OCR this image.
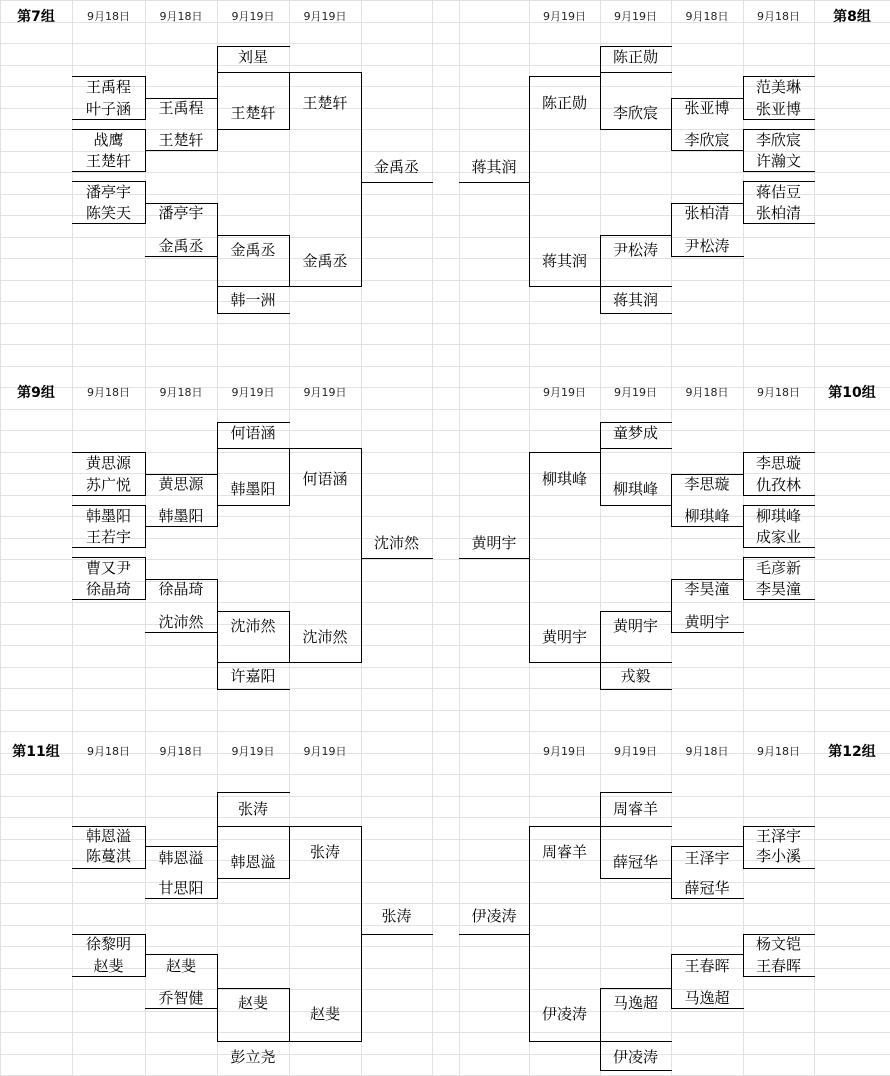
第7组	第8组
9月18日	9月18日	9月19日	9月19日	9月19日	9月19日	9月18日	9月18日
第9组	第10组
9月18日	9月18日	9月19日	9月19日	9月19日	9月19日	9月18日	9月18日
第11组	第12组
9月18日	9月18日	9月19日	9月19日	9月19日	9月19日	9月18日	9月18日
王禹程
叶子涵
战鹰
王楚轩
潘亭宇
陈笑天
王禹程
王楚轩
潘亭宇
金禹丞
刘星
王楚轩
金禹丞
韩一洲
王楚轩
金禹丞
金禹丞
范美琳
张亚博
李欣宸
许瀚文
蒋佶豆
张柏清
张亚博
李欣宸
张柏清
尹松涛
陈正勋
李欣宸
尹松涛
蒋其润
陈正勋
蒋其润
蒋其润
黄思源
苏广悦
韩墨阳
王若宇
曹又尹
徐晶琦
黄思源
韩墨阳
徐晶琦
沈沛然
何语涵
韩墨阳
沈沛然
许嘉阳
何语涵
沈沛然
沈沛然
李思璇
仇孜林
柳琪峰
成家业
毛彦新
李昊潼
李思璇
柳琪峰
李昊潼
黄明宇
童梦成
柳琪峰
黄明宇
戎毅
柳琪峰
黄明宇
黄明宇
韩恩溢
陈蔓淇
徐黎明
赵斐
韩恩溢
甘思阳
赵斐
乔智健
张涛
韩恩溢
赵斐
彭立尧
张涛
赵斐
张涛
王泽宇
李小溪
杨文铠
王春晖
王泽宇
薛冠华
王春晖
马逸超
周睿羊
薛冠华
马逸超
伊凌涛
周睿羊
伊凌涛
伊凌涛
